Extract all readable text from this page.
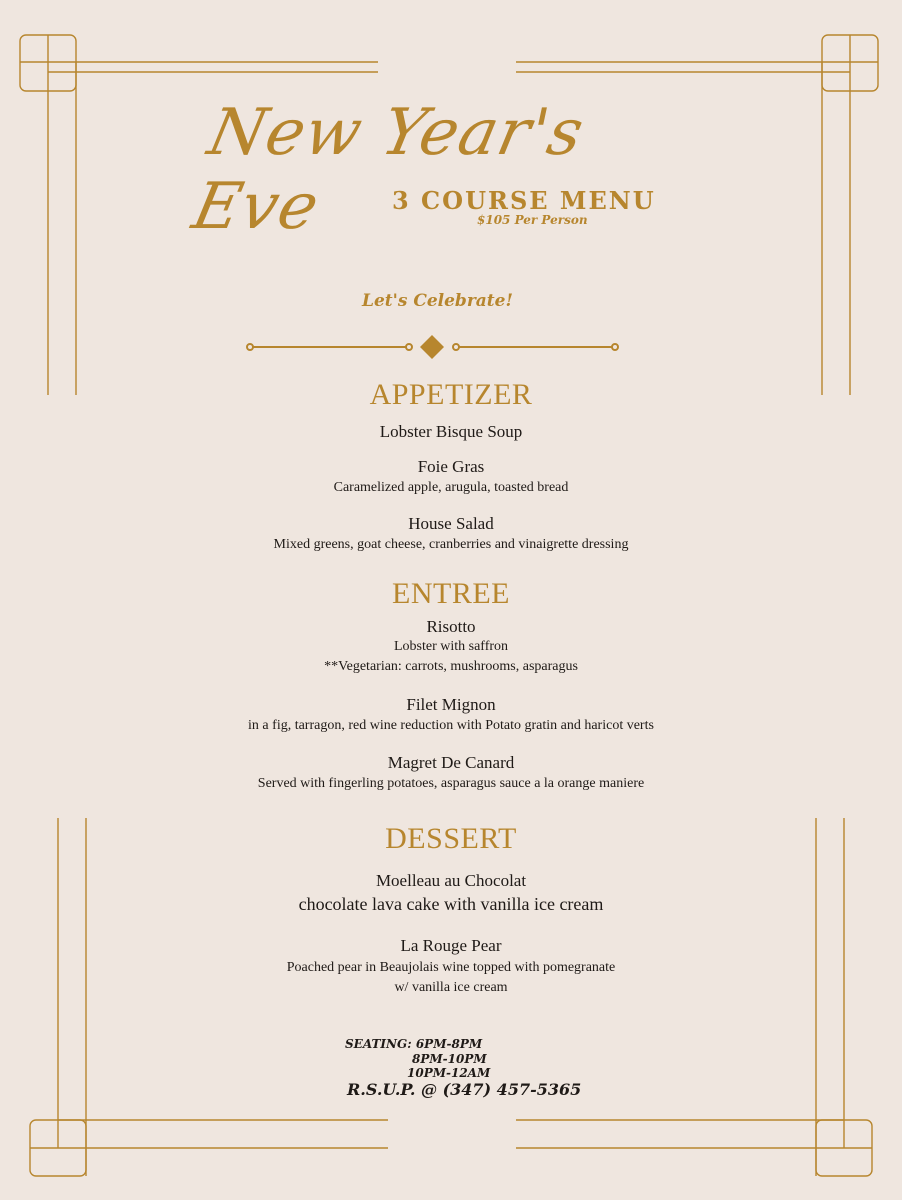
New Year's Eve	3 COURSE MENU
$105 Per Person
Let's Celebrate!
APPETIZER
Lobster Bisque Soup
Foie Gras
Caramelized apple, arugula, toasted bread
House Salad
Mixed greens, goat cheese, cranberries and vinaigrette dressing
ENTREE
Risotto
Lobster with saffron
**Vegetarian: carrots, mushrooms, asparagus
Filet Mignon
in a fig, tarragon, red wine reduction with Potato gratin and haricot verts
Magret De Canard
Served with fingerling potatoes, asparagus sauce a la orange maniere
DESSERT
Moelleau au Chocolat
chocolate lava cake with vanilla ice cream
La Rouge Pear
Poached pear in Beaujolais wine topped with pomegranate
w/ vanilla ice cream
SEATING: 6PM-8PM
8PM-10PM
10PM-12AM
R.S.U.P. @ (347) 457-5365
